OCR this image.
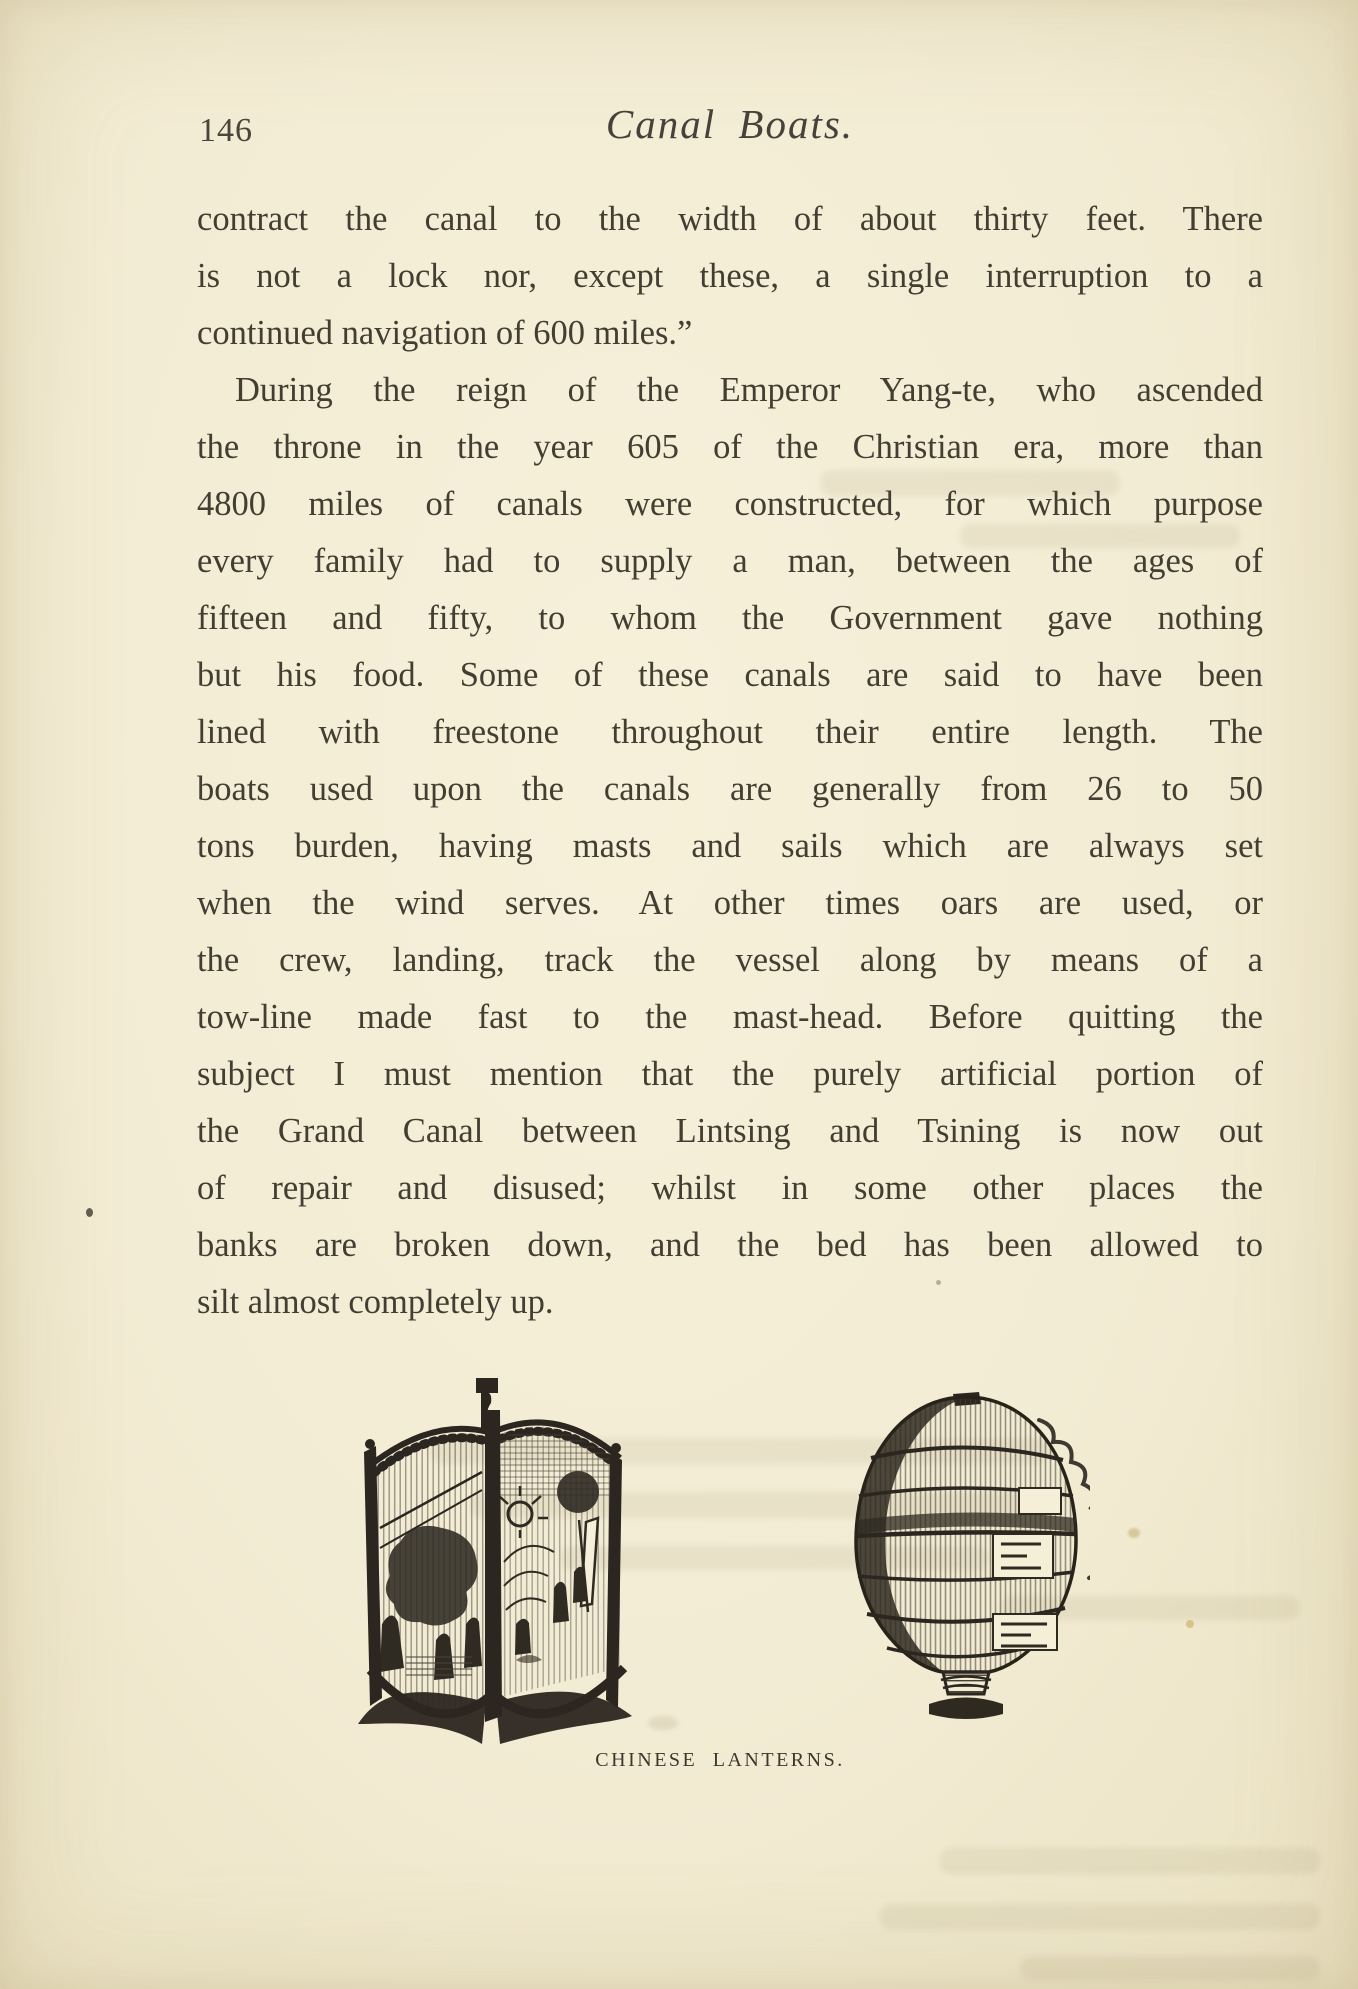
146	Canal Boats.
contract the canal to the width of about thirty feet. There
is not a lock nor, except these, a single interruption to a
continued navigation of 600 miles.”
During the reign of the Emperor Yang-te, who ascended
the throne in the year 605 of the Christian era, more than
4800 miles of canals were constructed, for which purpose
every family had to supply a man, between the ages of
fifteen and fifty, to whom the Government gave nothing
but his food. Some of these canals are said to have been
lined with freestone throughout their entire length. The
boats used upon the canals are generally from 26 to 50
tons burden, having masts and sails which are always set
when the wind serves. At other times oars are used, or
the crew, landing, track the vessel along by means of a
tow-line made fast to the mast-head. Before quitting the
subject I must mention that the purely artificial portion of
the Grand Canal between Lintsing and Tsining is now out
of repair and disused; whilst in some other places the
banks are broken down, and the bed has been allowed to
silt almost completely up.
CHINESE LANTERNS.
